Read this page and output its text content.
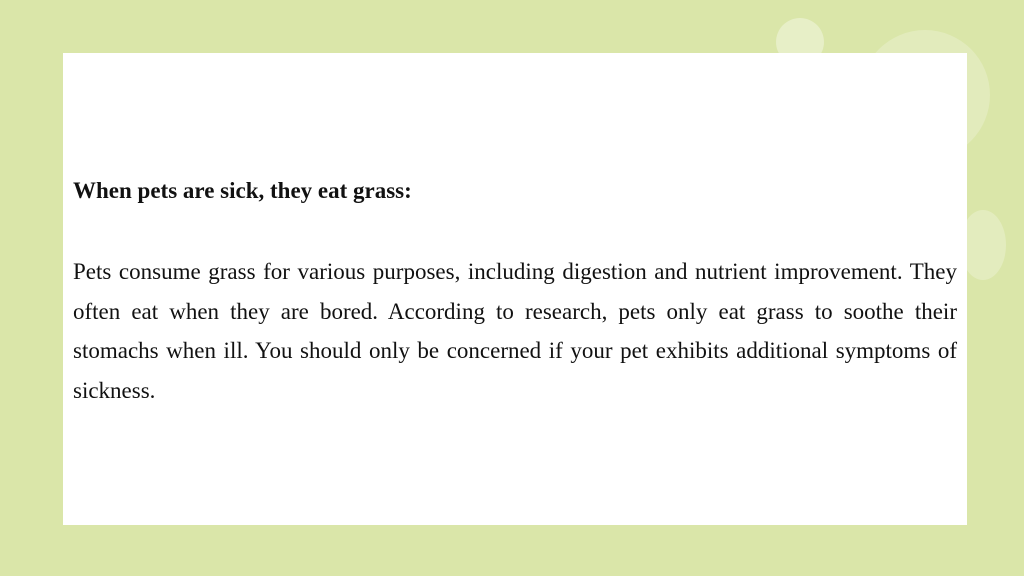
When pets are sick, they eat grass:

Pets consume grass for various purposes, including digestion and nutrient improvement. They often eat when they are bored. According to research, pets only eat grass to soothe their stomachs when ill. You should only be concerned if your pet exhibits additional symptoms of sickness.
